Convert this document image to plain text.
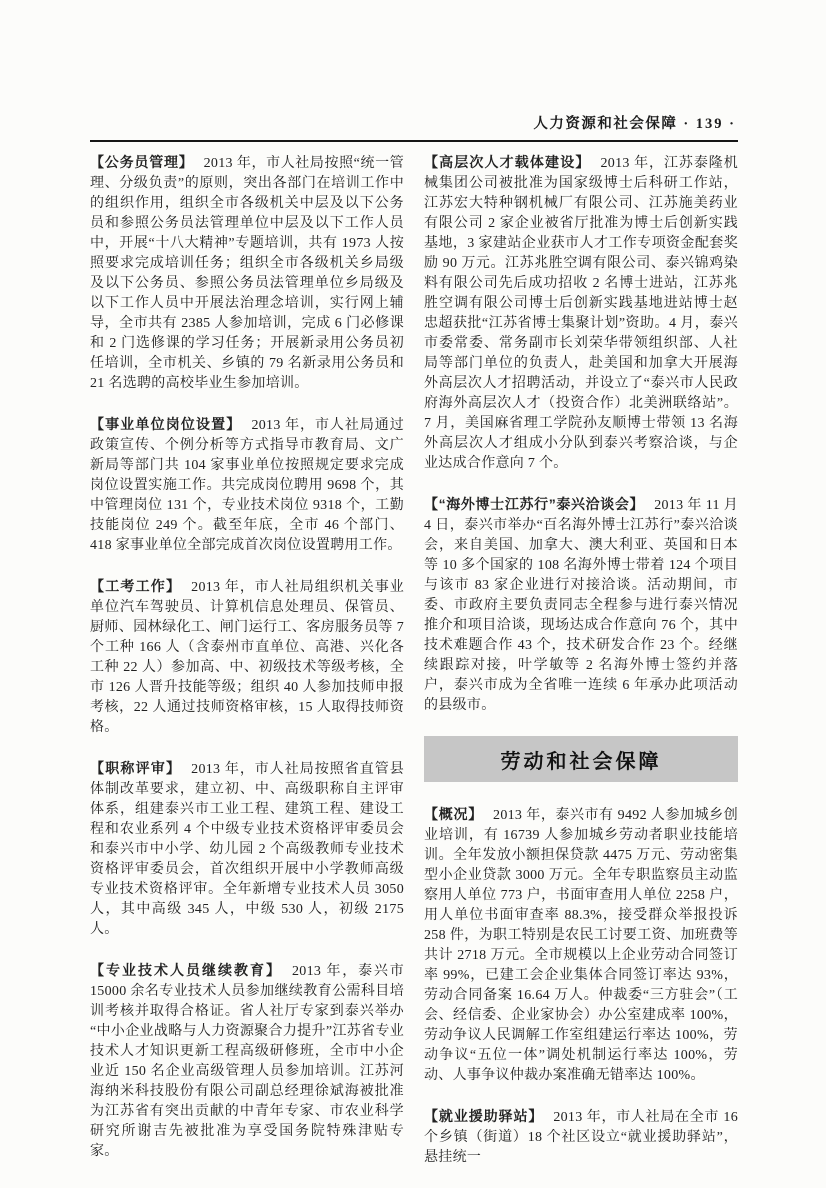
人力资源和社会保障 · 139 ·

【公务员管理】 2013 年，市人社局按照“统一管理、分级负责”的原则，突出各部门在培训工作中的组织作用，组织全市各级机关中层及以下公务员和参照公务员法管理单位中层及以下工作人员中，开展“十八大精神”专题培训，共有 1973 人按照要求完成培训任务；组织全市各级机关乡局级及以下公务员、参照公务员法管理单位乡局级及以下工作人员中开展法治理念培训，实行网上辅导，全市共有 2385 人参加培训，完成 6 门必修课和 2 门选修课的学习任务；开展新录用公务员初任培训，全市机关、乡镇的 79 名新录用公务员和 21 名选聘的高校毕业生参加培训。

【事业单位岗位设置】 2013 年，市人社局通过政策宣传、个例分析等方式指导市教育局、文广新局等部门共 104 家事业单位按照规定要求完成岗位设置实施工作。共完成岗位聘用 9698 个，其中管理岗位 131 个，专业技术岗位 9318 个，工勤技能岗位 249 个。截至年底，全市 46 个部门、418 家事业单位全部完成首次岗位设置聘用工作。

【工考工作】 2013 年，市人社局组织机关事业单位汽车驾驶员、计算机信息处理员、保管员、厨师、园林绿化工、闸门运行工、客房服务员等 7 个工种 166 人（含泰州市直单位、高港、兴化各工种 22 人）参加高、中、初级技术等级考核，全市 126 人晋升技能等级；组织 40 人参加技师申报考核，22 人通过技师资格审核，15 人取得技师资格。

【职称评审】 2013 年，市人社局按照省直管县体制改革要求，建立初、中、高级职称自主评审体系，组建泰兴市工业工程、建筑工程、建设工程和农业系列 4 个中级专业技术资格评审委员会和泰兴市中小学、幼儿园 2 个高级教师专业技术资格评审委员会，首次组织开展中小学教师高级专业技术资格评审。全年新增专业技术人员 3050 人，其中高级 345 人，中级 530 人，初级 2175 人。

【专业技术人员继续教育】 2013 年，泰兴市 15000 余名专业技术人员参加继续教育公需科目培训考核并取得合格证。省人社厅专家到泰兴举办“中小企业战略与人力资源聚合力提升”江苏省专业技术人才知识更新工程高级研修班，全市中小企业近 150 名企业高级管理人员参加培训。江苏河海纳米科技股份有限公司副总经理徐斌海被批准为江苏省有突出贡献的中青年专家、市农业科学研究所谢吉先被批准为享受国务院特殊津贴专家。

【高层次人才载体建设】 2013 年，江苏泰隆机械集团公司被批准为国家级博士后科研工作站，江苏宏大特种钢机械厂有限公司、江苏施美药业有限公司 2 家企业被省厅批准为博士后创新实践基地，3 家建站企业获市人才工作专项资金配套奖励 90 万元。江苏兆胜空调有限公司、泰兴锦鸡染料有限公司先后成功招收 2 名博士进站，江苏兆胜空调有限公司博士后创新实践基地进站博士赵忠超获批“江苏省博士集聚计划”资助。4 月，泰兴市委常委、常务副市长刘荣华带领组织部、人社局等部门单位的负责人，赴美国和加拿大开展海外高层次人才招聘活动，并设立了“泰兴市人民政府海外高层次人才（投资合作）北美洲联络站”。7 月，美国麻省理工学院孙友顺博士带领 13 名海外高层次人才组成小分队到泰兴考察洽谈，与企业达成合作意向 7 个。

【“海外博士江苏行”泰兴洽谈会】 2013 年 11 月 4 日，泰兴市举办“百名海外博士江苏行”泰兴洽谈会，来自美国、加拿大、澳大利亚、英国和日本等 10 多个国家的 108 名海外博士带着 124 个项目与该市 83 家企业进行对接洽谈。活动期间，市委、市政府主要负责同志全程参与进行泰兴情况推介和项目洽谈，现场达成合作意向 76 个，其中技术难题合作 43 个，技术研发合作 23 个。经继续跟踪对接，叶学敏等 2 名海外博士签约并落户，泰兴市成为全省唯一连续 6 年承办此项活动的县级市。

劳动和社会保障

【概况】 2013 年，泰兴市有 9492 人参加城乡创业培训，有 16739 人参加城乡劳动者职业技能培训。全年发放小额担保贷款 4475 万元、劳动密集型小企业贷款 3000 万元。全年专职监察员主动监察用人单位 773 户，书面审查用人单位 2258 户，用人单位书面审查率 88.3%，接受群众举报投诉 258 件，为职工特别是农民工讨要工资、加班费等共计 2718 万元。全市规模以上企业劳动合同签订率 99%，已建工会企业集体合同签订率达 93%，劳动合同备案 16.64 万人。仲裁委“三方驻会”（工会、经信委、企业家协会）办公室建成率 100%，劳动争议人民调解工作室组建运行率达 100%，劳动争议“五位一体”调处机制运行率达 100%，劳动、人事争议仲裁办案准确无错率达 100%。

【就业援助驿站】 2013 年，市人社局在全市 16 个乡镇（街道）18 个社区设立“就业援助驿站”，悬挂统一
